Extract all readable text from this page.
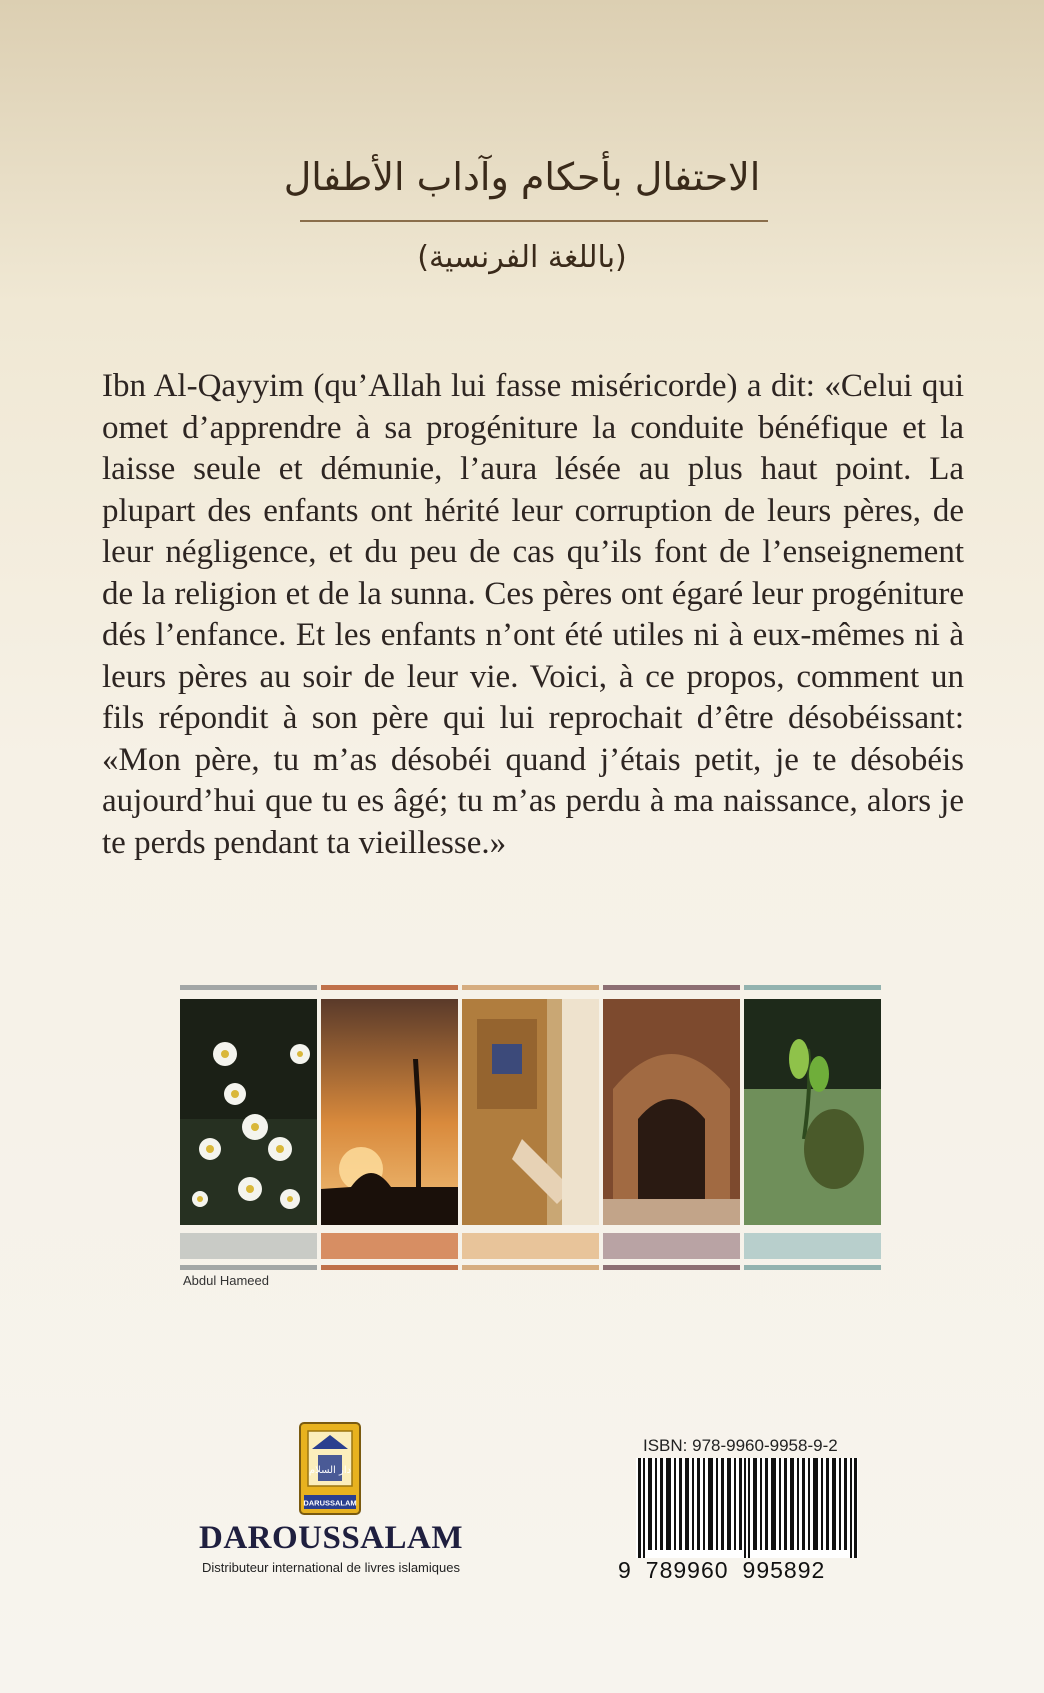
الاحتفال بأحكام وآداب الأطفال
(باللغة الفرنسية)
Ibn Al-Qayyim (qu’Allah lui fasse miséricorde) a dit: «Celui qui omet d’apprendre à sa progéniture la conduite bénéfique et la laisse seule et démunie, l’aura lésée au plus haut point. La plupart des enfants ont hérité leur corruption de leurs pères, de leur négligence, et du peu de cas qu’ils font de l’enseignement de la religion et de la sunna. Ces pères ont égaré leur progéniture dés l’enfance. Et les enfants n’ont été utiles ni à eux-mêmes ni à leurs pères au soir de leur vie. Voici, à ce propos, comment un fils répondit à son père qui lui reprochait d’être désobéissant: «Mon père, tu m’as désobéi quand j’étais petit, je te désobéis aujourd’hui que tu es âgé; tu m’as perdu à ma naissance, alors je te perds pendant ta vieillesse.»
Abdul Hameed
دار السلام
DARUSSALAM
DAROUSSALAM
Distributeur international de livres islamiques
ISBN: 978-9960-9958-9-2
9 789960 995892
